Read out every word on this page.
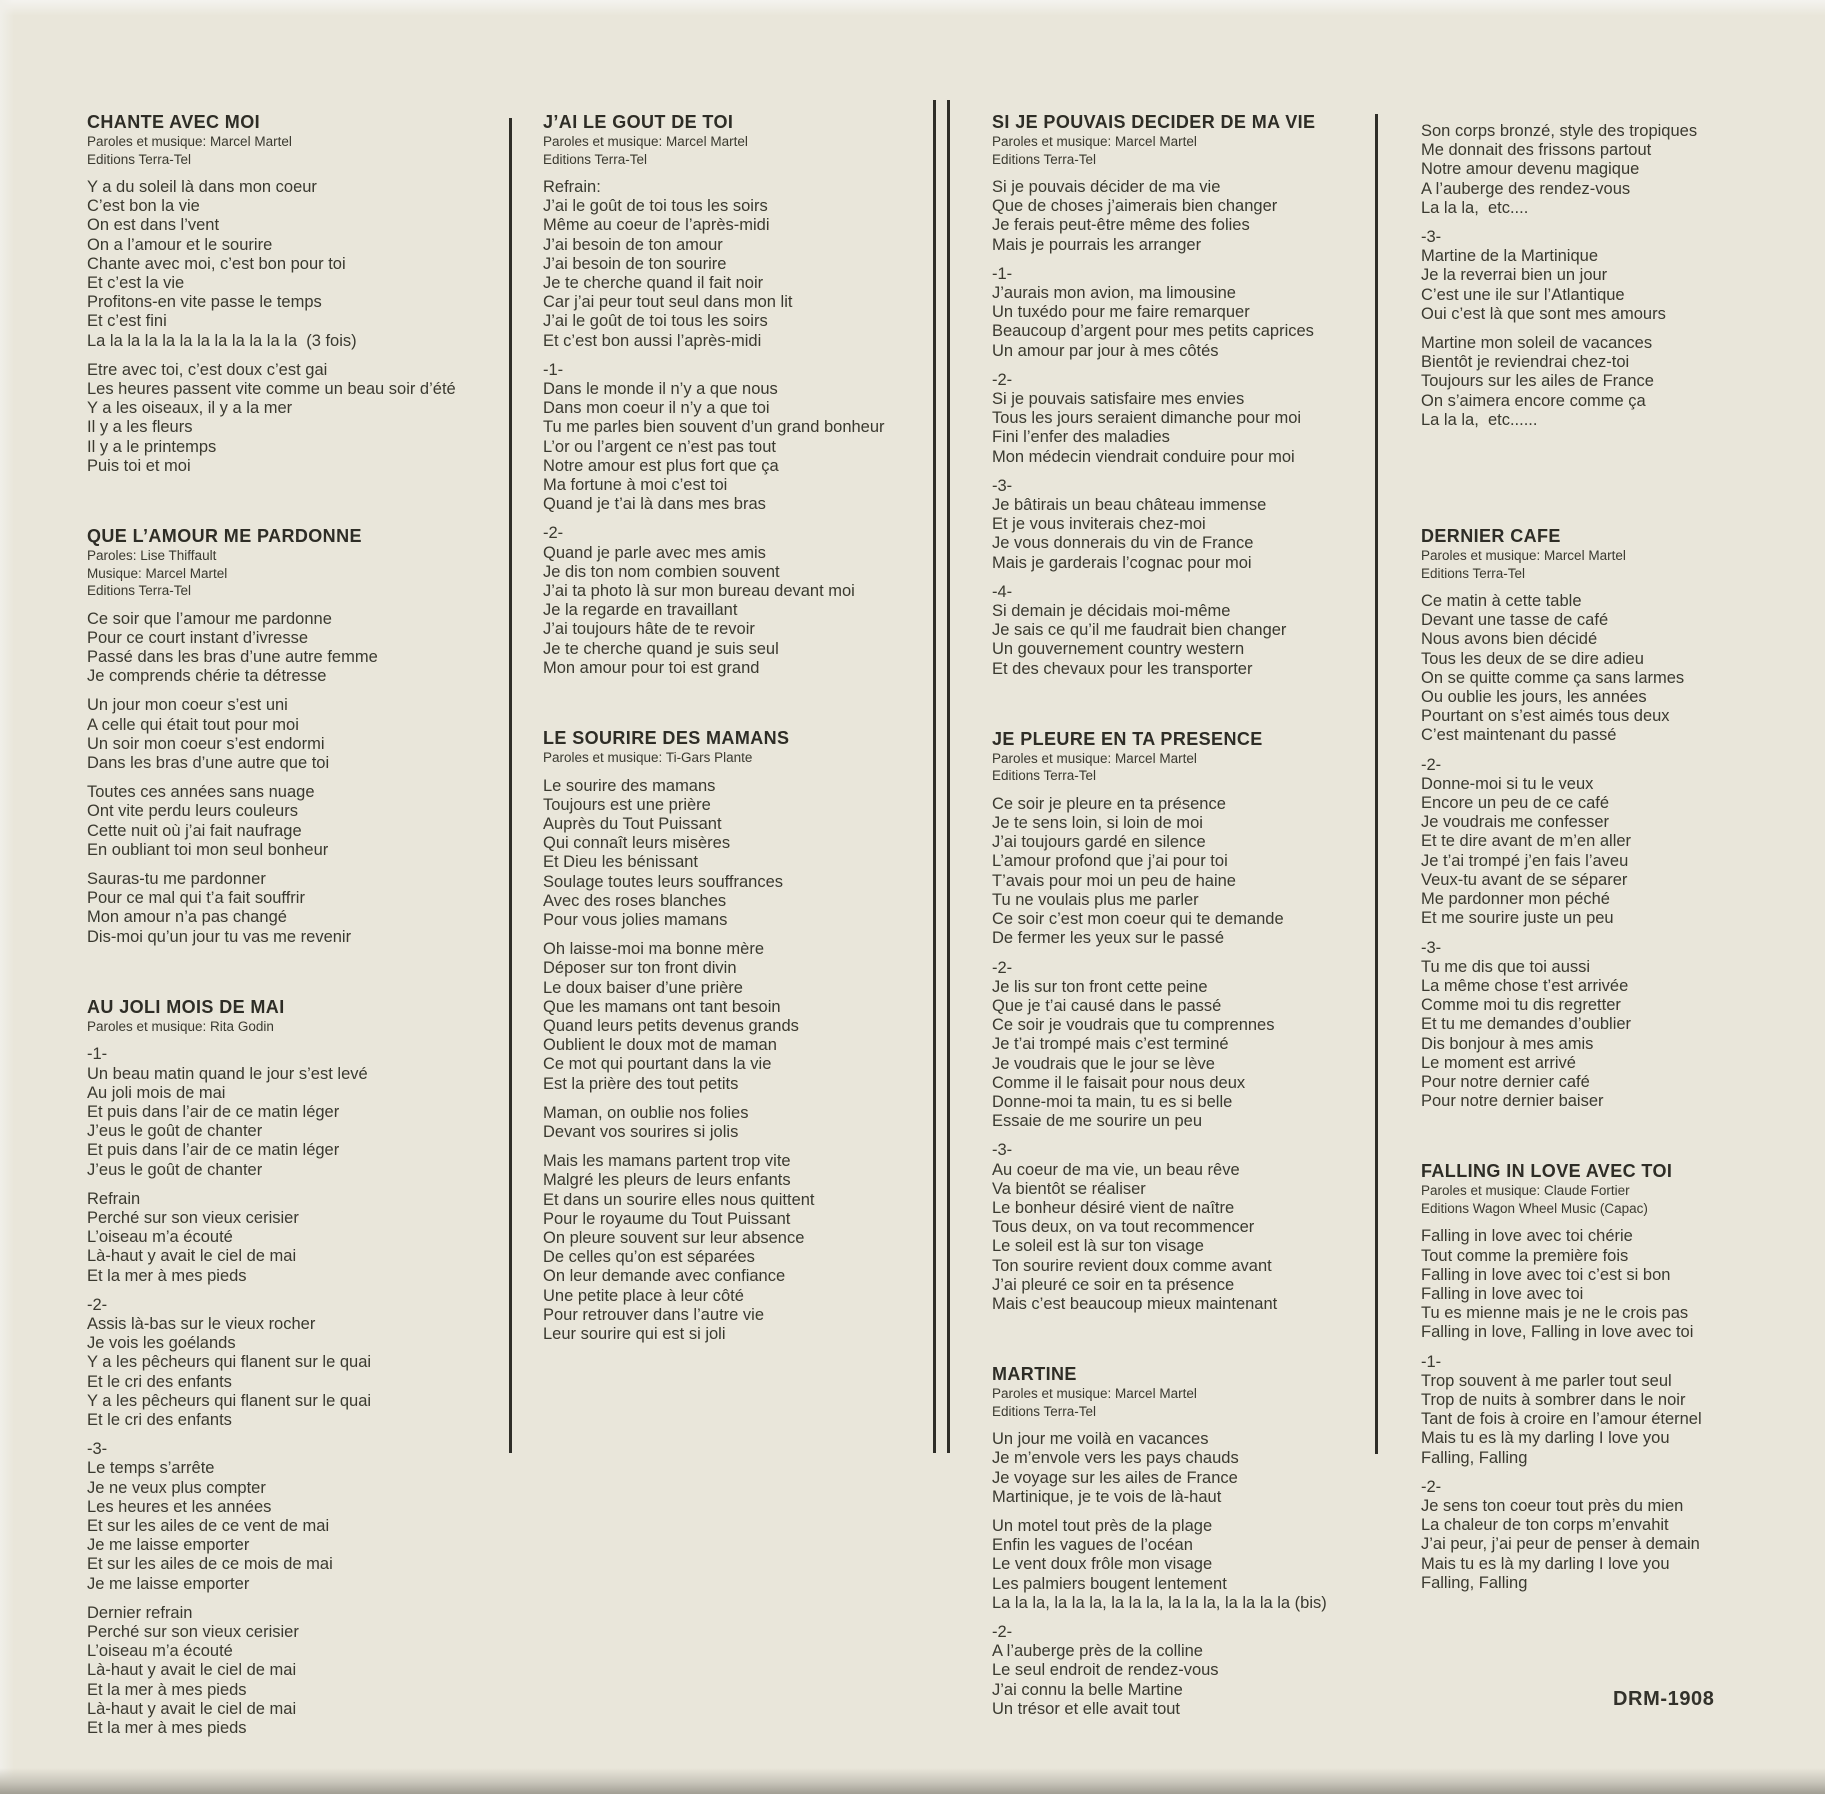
CHANTE AVEC MOI
Paroles et musique: Marcel Martel
Editions Terra-Tel
Y a du soleil là dans mon coeur
C’est bon la vie
On est dans l’vent
On a l’amour et le sourire
Chante avec moi, c’est bon pour toi
Et c’est la vie
Profitons-en vite passe le temps
Et c’est fini
La la la la la la la la la la la la  (3 fois)
Etre avec toi, c’est doux c’est gai
Les heures passent vite comme un beau soir d’été
Y a les oiseaux, il y a la mer
Il y a les fleurs
Il y a le printemps
Puis toi et moi
QUE L’AMOUR ME PARDONNE
Paroles: Lise Thiffault
Musique: Marcel Martel
Editions Terra-Tel
Ce soir que l’amour me pardonne
Pour ce court instant d’ivresse
Passé dans les bras d’une autre femme
Je comprends chérie ta détresse
Un jour mon coeur s’est uni
A celle qui était tout pour moi
Un soir mon coeur s’est endormi
Dans les bras d’une autre que toi
Toutes ces années sans nuage
Ont vite perdu leurs couleurs
Cette nuit où j’ai fait naufrage
En oubliant toi mon seul bonheur
Sauras-tu me pardonner
Pour ce mal qui t’a fait souffrir
Mon amour n’a pas changé
Dis-moi qu’un jour tu vas me revenir
AU JOLI MOIS DE MAI
Paroles et musique: Rita Godin
-1-
Un beau matin quand le jour s’est levé
Au joli mois de mai
Et puis dans l’air de ce matin léger
J’eus le goût de chanter
Et puis dans l’air de ce matin léger
J’eus le goût de chanter
Refrain
Perché sur son vieux cerisier
L’oiseau m’a écouté
Là-haut y avait le ciel de mai
Et la mer à mes pieds
-2-
Assis là-bas sur le vieux rocher
Je vois les goélands
Y a les pêcheurs qui flanent sur le quai
Et le cri des enfants
Y a les pêcheurs qui flanent sur le quai
Et le cri des enfants
-3-
Le temps s’arrête
Je ne veux plus compter
Les heures et les années
Et sur les ailes de ce vent de mai
Je me laisse emporter
Et sur les ailes de ce mois de mai
Je me laisse emporter
Dernier refrain
Perché sur son vieux cerisier
L’oiseau m’a écouté
Là-haut y avait le ciel de mai
Et la mer à mes pieds
Là-haut y avait le ciel de mai
Et la mer à mes pieds
J’AI LE GOUT DE TOI
Paroles et musique: Marcel Martel
Editions Terra-Tel
Refrain:
J’ai le goût de toi tous les soirs
Même au coeur de l’après-midi
J’ai besoin de ton amour
J’ai besoin de ton sourire
Je te cherche quand il fait noir
Car j’ai peur tout seul dans mon lit
J’ai le goût de toi tous les soirs
Et c’est bon aussi l’après-midi
-1-
Dans le monde il n’y a que nous
Dans mon coeur il n’y a que toi
Tu me parles bien souvent d’un grand bonheur
L’or ou l’argent ce n’est pas tout
Notre amour est plus fort que ça
Ma fortune à moi c’est toi
Quand je t’ai là dans mes bras
-2-
Quand je parle avec mes amis
Je dis ton nom combien souvent
J’ai ta photo là sur mon bureau devant moi
Je la regarde en travaillant
J’ai toujours hâte de te revoir
Je te cherche quand je suis seul
Mon amour pour toi est grand
LE SOURIRE DES MAMANS
Paroles et musique: Ti-Gars Plante
Le sourire des mamans
Toujours est une prière
Auprès du Tout Puissant
Qui connaît leurs misères
Et Dieu les bénissant
Soulage toutes leurs souffrances
Avec des roses blanches
Pour vous jolies mamans
Oh laisse-moi ma bonne mère
Déposer sur ton front divin
Le doux baiser d’une prière
Que les mamans ont tant besoin
Quand leurs petits devenus grands
Oublient le doux mot de maman
Ce mot qui pourtant dans la vie
Est la prière des tout petits
Maman, on oublie nos folies
Devant vos sourires si jolis
Mais les mamans partent trop vite
Malgré les pleurs de leurs enfants
Et dans un sourire elles nous quittent
Pour le royaume du Tout Puissant
On pleure souvent sur leur absence
De celles qu’on est séparées
On leur demande avec confiance
Une petite place à leur côté
Pour retrouver dans l’autre vie
Leur sourire qui est si joli
SI JE POUVAIS DECIDER DE MA VIE
Paroles et musique: Marcel Martel
Editions Terra-Tel
Si je pouvais décider de ma vie
Que de choses j’aimerais bien changer
Je ferais peut-être même des folies
Mais je pourrais les arranger
-1-
J’aurais mon avion, ma limousine
Un tuxédo pour me faire remarquer
Beaucoup d’argent pour mes petits caprices
Un amour par jour à mes côtés
-2-
Si je pouvais satisfaire mes envies
Tous les jours seraient dimanche pour moi
Fini l’enfer des maladies
Mon médecin viendrait conduire pour moi
-3-
Je bâtirais un beau château immense
Et je vous inviterais chez-moi
Je vous donnerais du vin de France
Mais je garderais l’cognac pour moi
-4-
Si demain je décidais moi-même
Je sais ce qu’il me faudrait bien changer
Un gouvernement country western
Et des chevaux pour les transporter
JE PLEURE EN TA PRESENCE
Paroles et musique: Marcel Martel
Editions Terra-Tel
Ce soir je pleure en ta présence
Je te sens loin, si loin de moi
J’ai toujours gardé en silence
L’amour profond que j’ai pour toi
T’avais pour moi un peu de haine
Tu ne voulais plus me parler
Ce soir c’est mon coeur qui te demande
De fermer les yeux sur le passé
-2-
Je lis sur ton front cette peine
Que je t’ai causé dans le passé
Ce soir je voudrais que tu comprennes
Je t’ai trompé mais c’est terminé
Je voudrais que le jour se lève
Comme il le faisait pour nous deux
Donne-moi ta main, tu es si belle
Essaie de me sourire un peu
-3-
Au coeur de ma vie, un beau rêve
Va bientôt se réaliser
Le bonheur désiré vient de naître
Tous deux, on va tout recommencer
Le soleil est là sur ton visage
Ton sourire revient doux comme avant
J’ai pleuré ce soir en ta présence
Mais c’est beaucoup mieux maintenant
MARTINE
Paroles et musique: Marcel Martel
Editions Terra-Tel
Un jour me voilà en vacances
Je m’envole vers les pays chauds
Je voyage sur les ailes de France
Martinique, je te vois de là-haut
Un motel tout près de la plage
Enfin les vagues de l’océan
Le vent doux frôle mon visage
Les palmiers bougent lentement
La la la, la la la, la la la, la la la, la la la la (bis)
-2-
A l’auberge près de la colline
Le seul endroit de rendez-vous
J’ai connu la belle Martine
Un trésor et elle avait tout
Son corps bronzé, style des tropiques
Me donnait des frissons partout
Notre amour devenu magique
A l’auberge des rendez-vous
La la la,  etc....
-3-
Martine de la Martinique
Je la reverrai bien un jour
C’est une ile sur l’Atlantique
Oui c’est là que sont mes amours
Martine mon soleil de vacances
Bientôt je reviendrai chez-toi
Toujours sur les ailes de France
On s’aimera encore comme ça
La la la,  etc......
DERNIER CAFE
Paroles et musique: Marcel Martel
Editions Terra-Tel
Ce matin à cette table
Devant une tasse de café
Nous avons bien décidé
Tous les deux de se dire adieu
On se quitte comme ça sans larmes
Ou oublie les jours, les années
Pourtant on s’est aimés tous deux
C’est maintenant du passé
-2-
Donne-moi si tu le veux
Encore un peu de ce café
Je voudrais me confesser
Et te dire avant de m’en aller
Je t’ai trompé j’en fais l’aveu
Veux-tu avant de se séparer
Me pardonner mon péché
Et me sourire juste un peu
-3-
Tu me dis que toi aussi
La même chose t’est arrivée
Comme moi tu dis regretter
Et tu me demandes d’oublier
Dis bonjour à mes amis
Le moment est arrivé
Pour notre dernier café
Pour notre dernier baiser
FALLING IN LOVE AVEC TOI
Paroles et musique: Claude Fortier
Editions Wagon Wheel Music (Capac)
Falling in love avec toi chérie
Tout comme la première fois
Falling in love avec toi c’est si bon
Falling in love avec toi
Tu es mienne mais je ne le crois pas
Falling in love, Falling in love avec toi
-1-
Trop souvent à me parler tout seul
Trop de nuits à sombrer dans le noir
Tant de fois à croire en l’amour éternel
Mais tu es là my darling I love you
Falling, Falling
-2-
Je sens ton coeur tout près du mien
La chaleur de ton corps m’envahit
J’ai peur, j’ai peur de penser à demain
Mais tu es là my darling I love you
Falling, Falling
DRM-1908
